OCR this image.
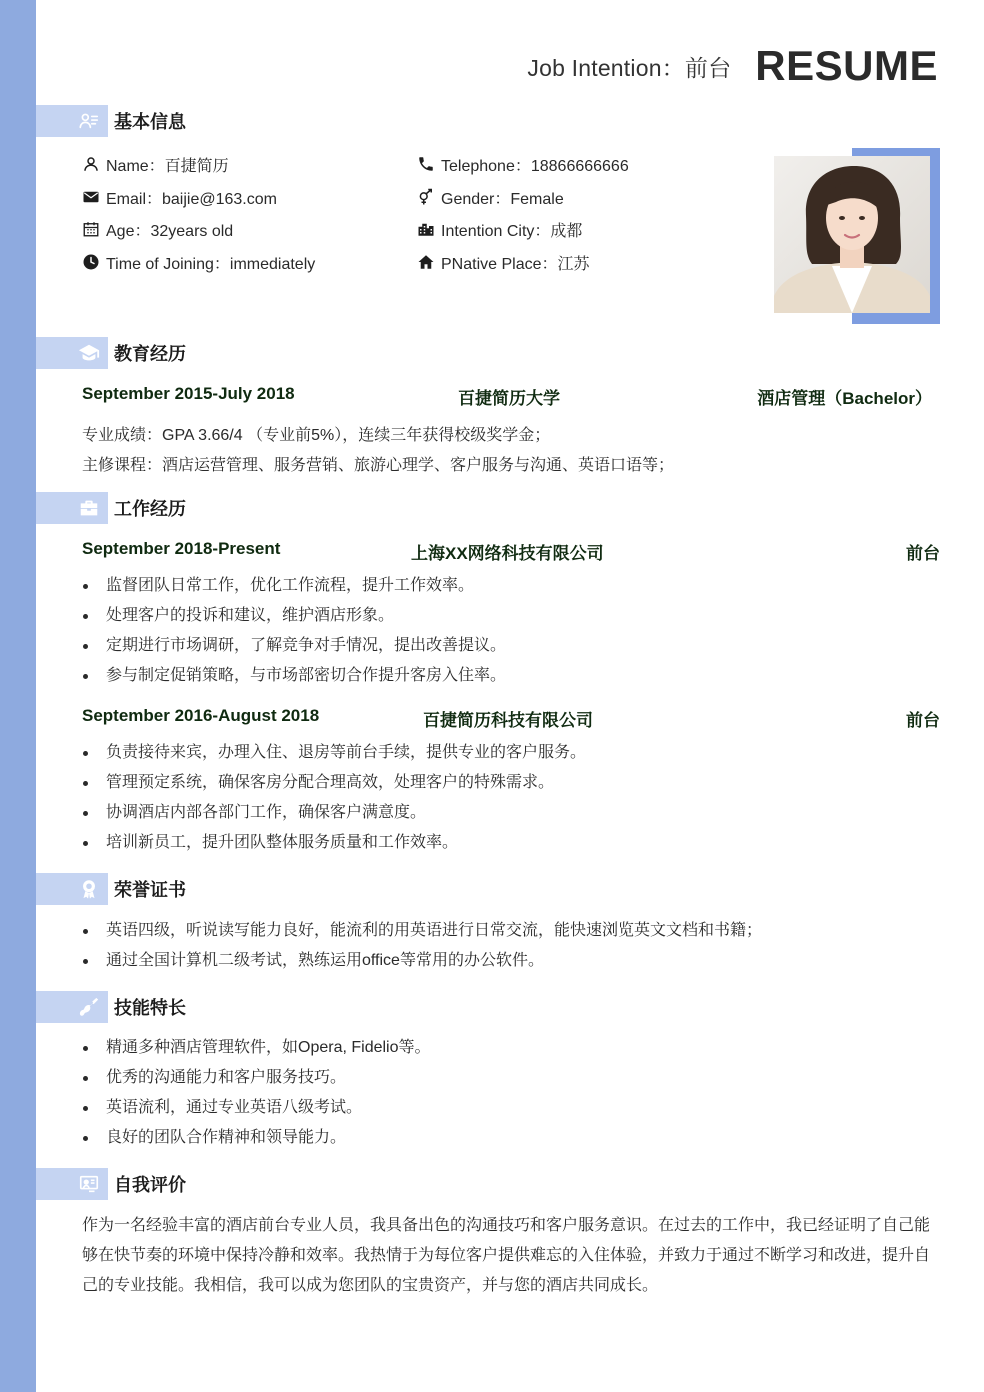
Job Intention：前台 RESUME
基本信息
Name：百捷简历	Telephone：18866666666
Email：baijie@163.com	Gender：Female
Age：32years old	Intention City：成都
Time of Joining：immediately	PNative Place：江苏
教育经历
September 2015-July 2018	百捷简历大学	酒店管理（Bachelor）
专业成绩：GPA 3.66/4 （专业前5%），连续三年获得校级奖学金；
主修课程：酒店运营管理、服务营销、旅游心理学、客户服务与沟通、英语口语等；
工作经历
September 2018-Present	上海XX网络科技有限公司	前台
监督团队日常工作，优化工作流程，提升工作效率。
处理客户的投诉和建议，维护酒店形象。
定期进行市场调研，了解竞争对手情况，提出改善提议。
参与制定促销策略，与市场部密切合作提升客房入住率。
September 2016-August 2018	百捷简历科技有限公司	前台
负责接待来宾，办理入住、退房等前台手续，提供专业的客户服务。
管理预定系统，确保客房分配合理高效，处理客户的特殊需求。
协调酒店内部各部门工作，确保客户满意度。
培训新员工，提升团队整体服务质量和工作效率。
荣誉证书
英语四级，听说读写能力良好，能流利的用英语进行日常交流，能快速浏览英文文档和书籍；
通过全国计算机二级考试，熟练运用office等常用的办公软件。
技能特长
精通多种酒店管理软件，如Opera, Fidelio等。
优秀的沟通能力和客户服务技巧。
英语流利，通过专业英语八级考试。
良好的团队合作精神和领导能力。
自我评价

作为一名经验丰富的酒店前台专业人员，我具备出色的沟通技巧和客户服务意识。在过去的工作中，我已经证明了自己能够在快节奏的环境中保持冷静和效率。我热情于为每位客户提供难忘的入住体验，并致力于通过不断学习和改进，提升自己的专业技能。我相信，我可以成为您团队的宝贵资产，并与您的酒店共同成长。
